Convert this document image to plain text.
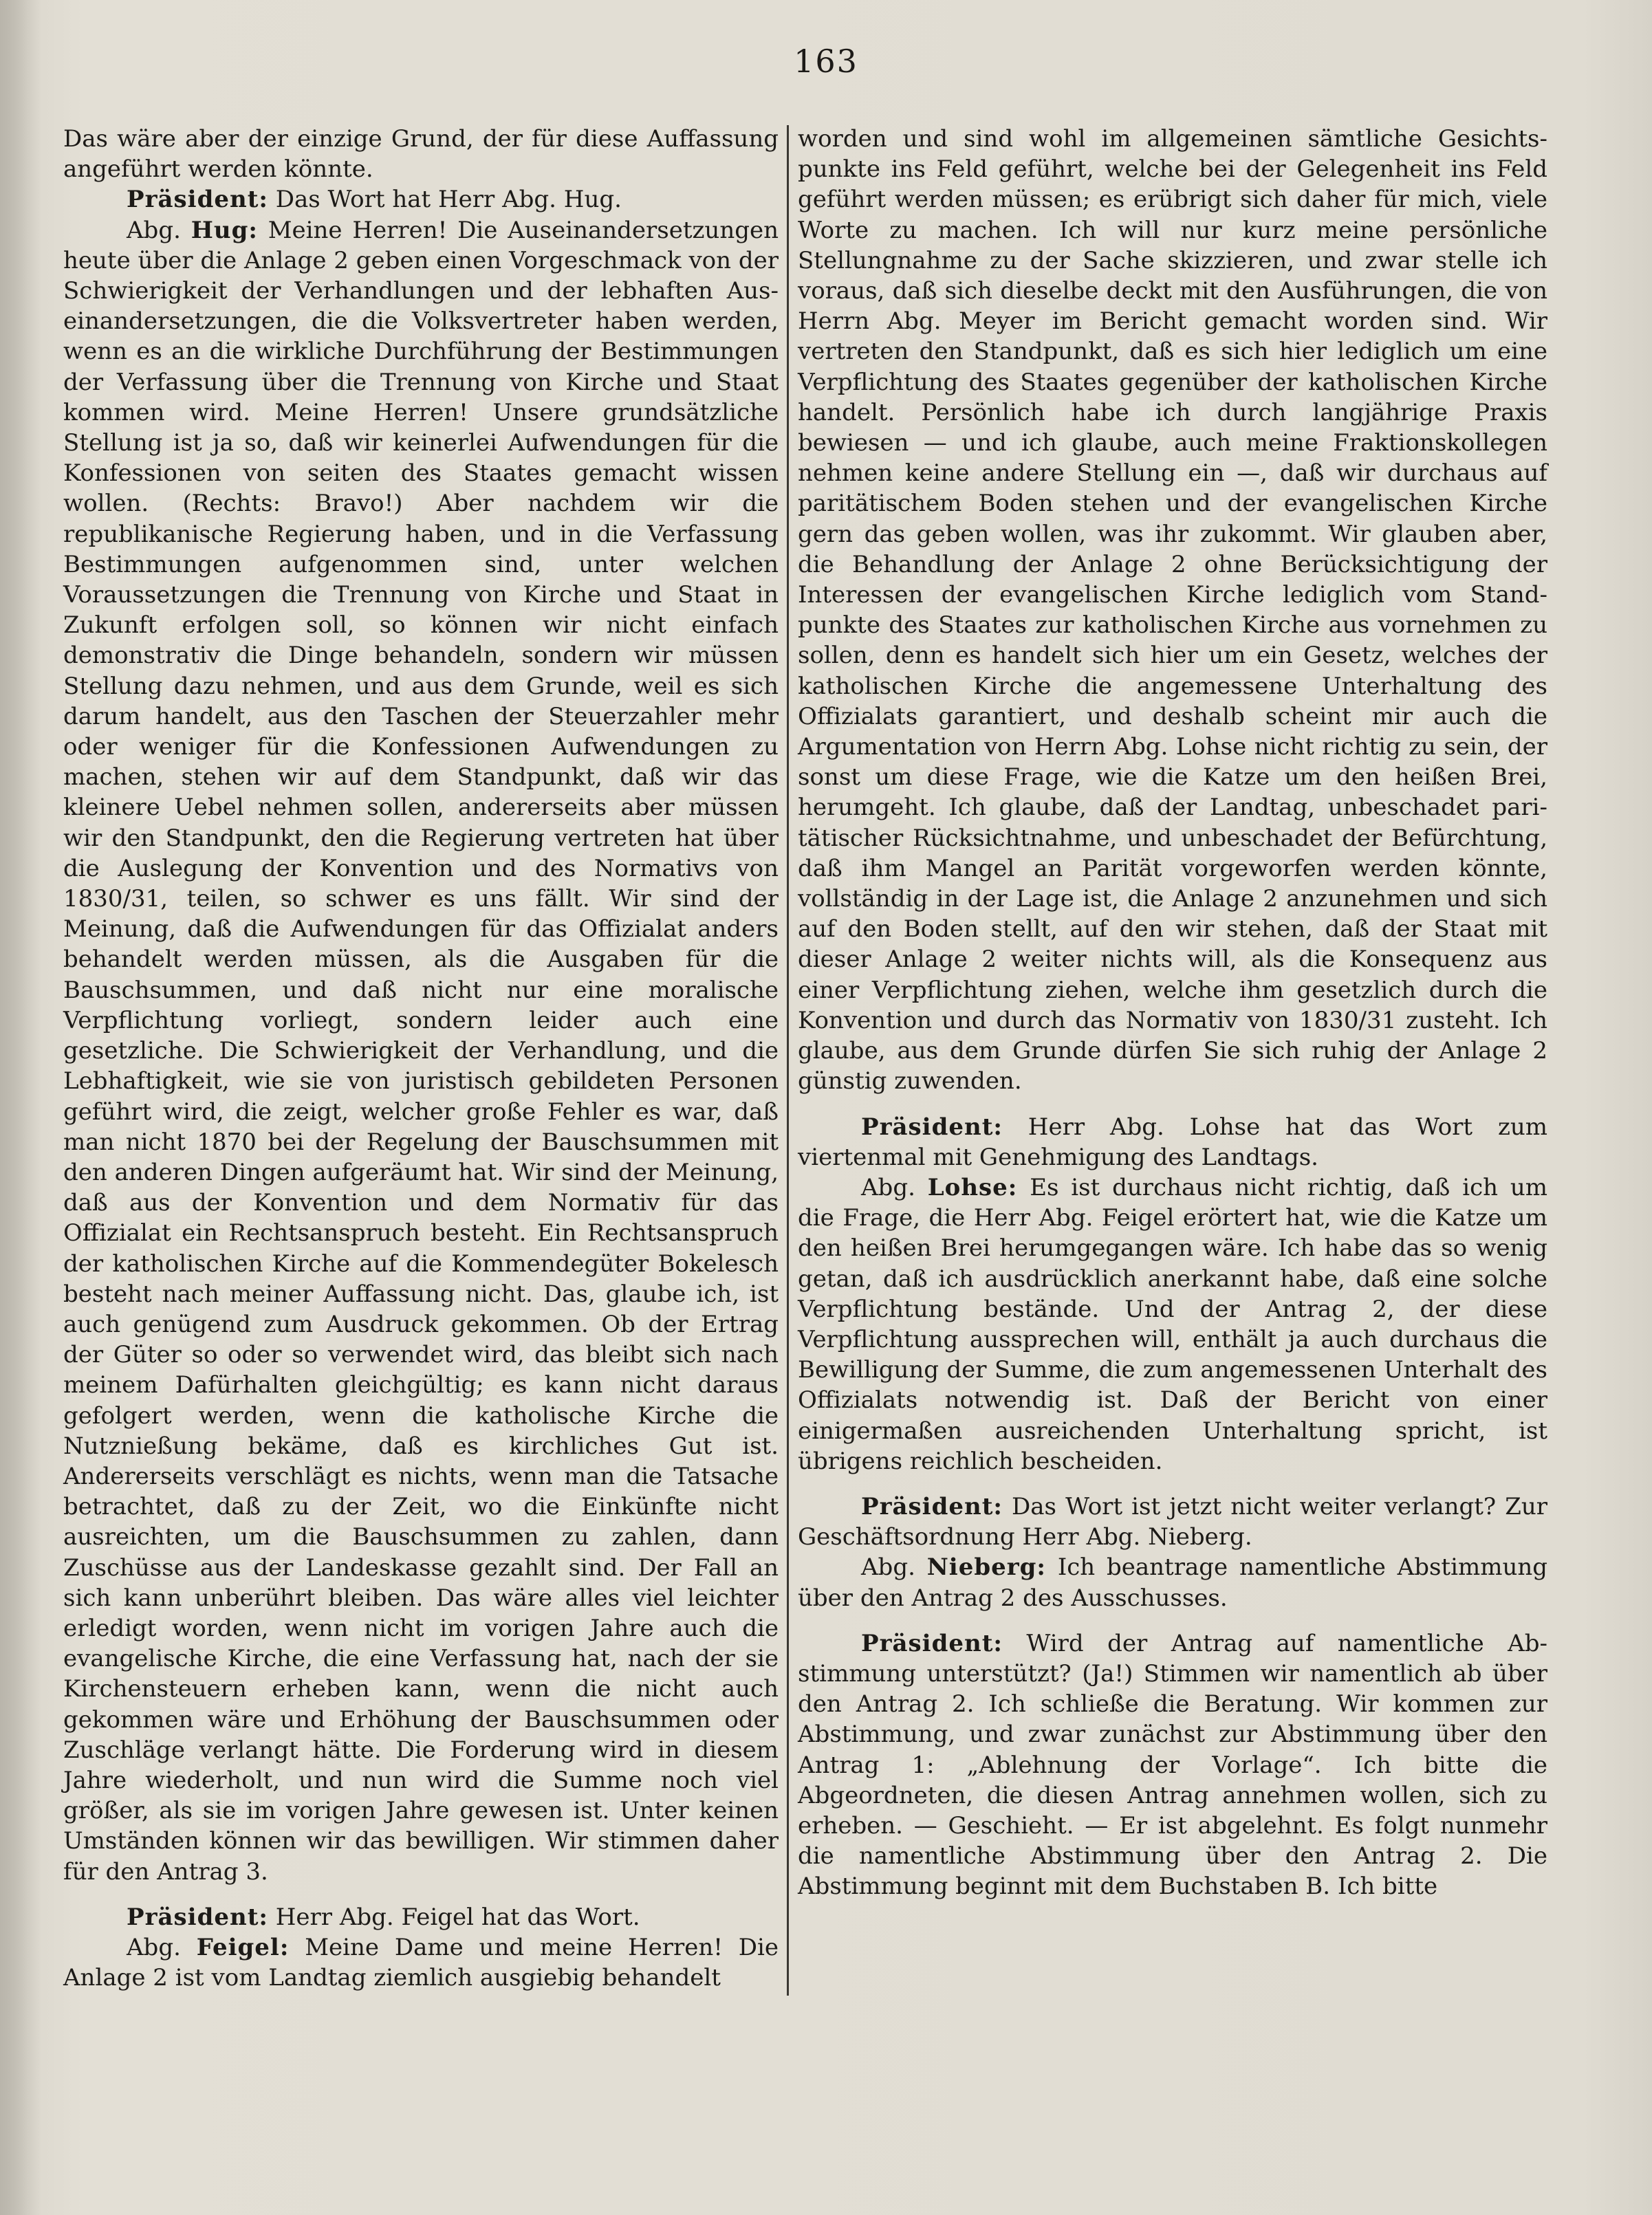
163

Das wäre aber der einzige Grund, der für diese Auffassung angeführt werden könnte.

Präsident: Das Wort hat Herr Abg. Hug.

Abg. Hug: Meine Herren! Die Auseinandersetzungen heute über die Anlage 2 geben einen Vorgeschmack von der Schwierigkeit der Verhandlungen und der lebhaften Auseinandersetzungen, die die Volksvertreter haben werden, wenn es an die wirkliche Durchführung der Bestimmungen der Verfassung über die Trennung von Kirche und Staat kommen wird. Meine Herren! Unsere grundsätzliche Stellung ist ja so, daß wir keinerlei Aufwendungen für die Konfessionen von seiten des Staates gemacht wissen wollen. (Rechts: Bravo!) Aber nachdem wir die republikanische Regierung haben, und in die Verfassung Bestimmungen aufgenommen sind, unter welchen Voraussetzungen die Trennung von Kirche und Staat in Zukunft erfolgen soll, so können wir nicht einfach demonstrativ die Dinge behandeln, sondern wir müssen Stellung dazu nehmen, und aus dem Grunde, weil es sich darum handelt, aus den Taschen der Steuerzahler mehr oder weniger für die Konfessionen Aufwendungen zu machen, stehen wir auf dem Standpunkt, daß wir das kleinere Uebel nehmen sollen, andererseits aber müssen wir den Standpunkt, den die Regierung vertreten hat über die Auslegung der Konvention und des Normativs von 1830/31, teilen, so schwer es uns fällt. Wir sind der Meinung, daß die Aufwendungen für das Offizialat anders behandelt werden müssen, als die Ausgaben für die Bauschsummen, und daß nicht nur eine moralische Verpflichtung vorliegt, sondern leider auch eine gesetzliche. Die Schwierigkeit der Verhandlung, und die Lebhaftigkeit, wie sie von juristisch gebildeten Personen geführt wird, die zeigt, welcher große Fehler es war, daß man nicht 1870 bei der Regelung der Bauschsummen mit den anderen Dingen aufgeräumt hat. Wir sind der Meinung, daß aus der Konvention und dem Normativ für das Offizialat ein Rechtsanspruch besteht. Ein Rechtsanspruch der katholischen Kirche auf die Kommendegüter Bokelesch besteht nach meiner Auffassung nicht. Das, glaube ich, ist auch genügend zum Ausdruck gekommen. Ob der Ertrag der Güter so oder so verwendet wird, das bleibt sich nach meinem Dafürhalten gleichgültig; es kann nicht daraus gefolgert werden, wenn die katholische Kirche die Nutznießung bekäme, daß es kirchliches Gut ist. Andererseits verschlägt es nichts, wenn man die Tatsache betrachtet, daß zu der Zeit, wo die Einkünfte nicht ausreichten, um die Bauschsummen zu zahlen, dann Zuschüsse aus der Landeskasse gezahlt sind. Der Fall an sich kann unberührt bleiben. Das wäre alles viel leichter erledigt worden, wenn nicht im vorigen Jahre auch die evangelische Kirche, die eine Verfassung hat, nach der sie Kirchensteuern erheben kann, wenn die nicht auch gekommen wäre und Erhöhung der Bauschsummen oder Zuschläge verlangt hätte. Die Forderung wird in diesem Jahre wiederholt, und nun wird die Summe noch viel größer, als sie im vorigen Jahre gewesen ist. Unter keinen Umständen können wir das bewilligen. Wir stimmen daher für den Antrag 3.

Präsident: Herr Abg. Feigel hat das Wort.

Abg. Feigel: Meine Dame und meine Herren! Die Anlage 2 ist vom Landtag ziemlich ausgiebig behandelt

worden und sind wohl im allgemeinen sämtliche Gesichtspunkte ins Feld geführt, welche bei der Gelegenheit ins Feld geführt werden müssen; es erübrigt sich daher für mich, viele Worte zu machen. Ich will nur kurz meine persönliche Stellungnahme zu der Sache skizzieren, und zwar stelle ich voraus, daß sich dieselbe deckt mit den Ausführungen, die von Herrn Abg. Meyer im Bericht gemacht worden sind. Wir vertreten den Standpunkt, daß es sich hier lediglich um eine Verpflichtung des Staates gegenüber der katholischen Kirche handelt. Persönlich habe ich durch langjährige Praxis bewiesen — und ich glaube, auch meine Fraktionskollegen nehmen keine andere Stellung ein —, daß wir durchaus auf paritätischem Boden stehen und der evangelischen Kirche gern das geben wollen, was ihr zukommt. Wir glauben aber, die Behandlung der Anlage 2 ohne Berücksichtigung der Interessen der evangelischen Kirche lediglich vom Standpunkte des Staates zur katholischen Kirche aus vornehmen zu sollen, denn es handelt sich hier um ein Gesetz, welches der katholischen Kirche die angemessene Unterhaltung des Offizialats garantiert, und deshalb scheint mir auch die Argumentation von Herrn Abg. Lohse nicht richtig zu sein, der sonst um diese Frage, wie die Katze um den heißen Brei, herumgeht. Ich glaube, daß der Landtag, unbeschadet paritätischer Rücksichtnahme, und unbeschadet der Befürchtung, daß ihm Mangel an Parität vorgeworfen werden könnte, vollständig in der Lage ist, die Anlage 2 anzunehmen und sich auf den Boden stellt, auf den wir stehen, daß der Staat mit dieser Anlage 2 weiter nichts will, als die Konsequenz aus einer Verpflichtung ziehen, welche ihm gesetzlich durch die Konvention und durch das Normativ von 1830/31 zusteht. Ich glaube, aus dem Grunde dürfen Sie sich ruhig der Anlage 2 günstig zuwenden.

Präsident: Herr Abg. Lohse hat das Wort zum viertenmal mit Genehmigung des Landtags.

Abg. Lohse: Es ist durchaus nicht richtig, daß ich um die Frage, die Herr Abg. Feigel erörtert hat, wie die Katze um den heißen Brei herumgegangen wäre. Ich habe das so wenig getan, daß ich ausdrücklich anerkannt habe, daß eine solche Verpflichtung bestände. Und der Antrag 2, der diese Verpflichtung aussprechen will, enthält ja auch durchaus die Bewilligung der Summe, die zum angemessenen Unterhalt des Offizialats notwendig ist. Daß der Bericht von einer einigermaßen ausreichenden Unterhaltung spricht, ist übrigens reichlich bescheiden.

Präsident: Das Wort ist jetzt nicht weiter verlangt? Zur Geschäftsordnung Herr Abg. Nieberg.

Abg. Nieberg: Ich beantrage namentliche Abstimmung über den Antrag 2 des Ausschusses.

Präsident: Wird der Antrag auf namentliche Abstimmung unterstützt? (Ja!) Stimmen wir namentlich ab über den Antrag 2. Ich schließe die Beratung. Wir kommen zur Abstimmung, und zwar zunächst zur Abstimmung über den Antrag 1: „Ablehnung der Vorlage“. Ich bitte die Abgeordneten, die diesen Antrag annehmen wollen, sich zu erheben. — Geschieht. — Er ist abgelehnt. Es folgt nunmehr die namentliche Abstimmung über den Antrag 2. Die Abstimmung beginnt mit dem Buchstaben B. Ich bitte
